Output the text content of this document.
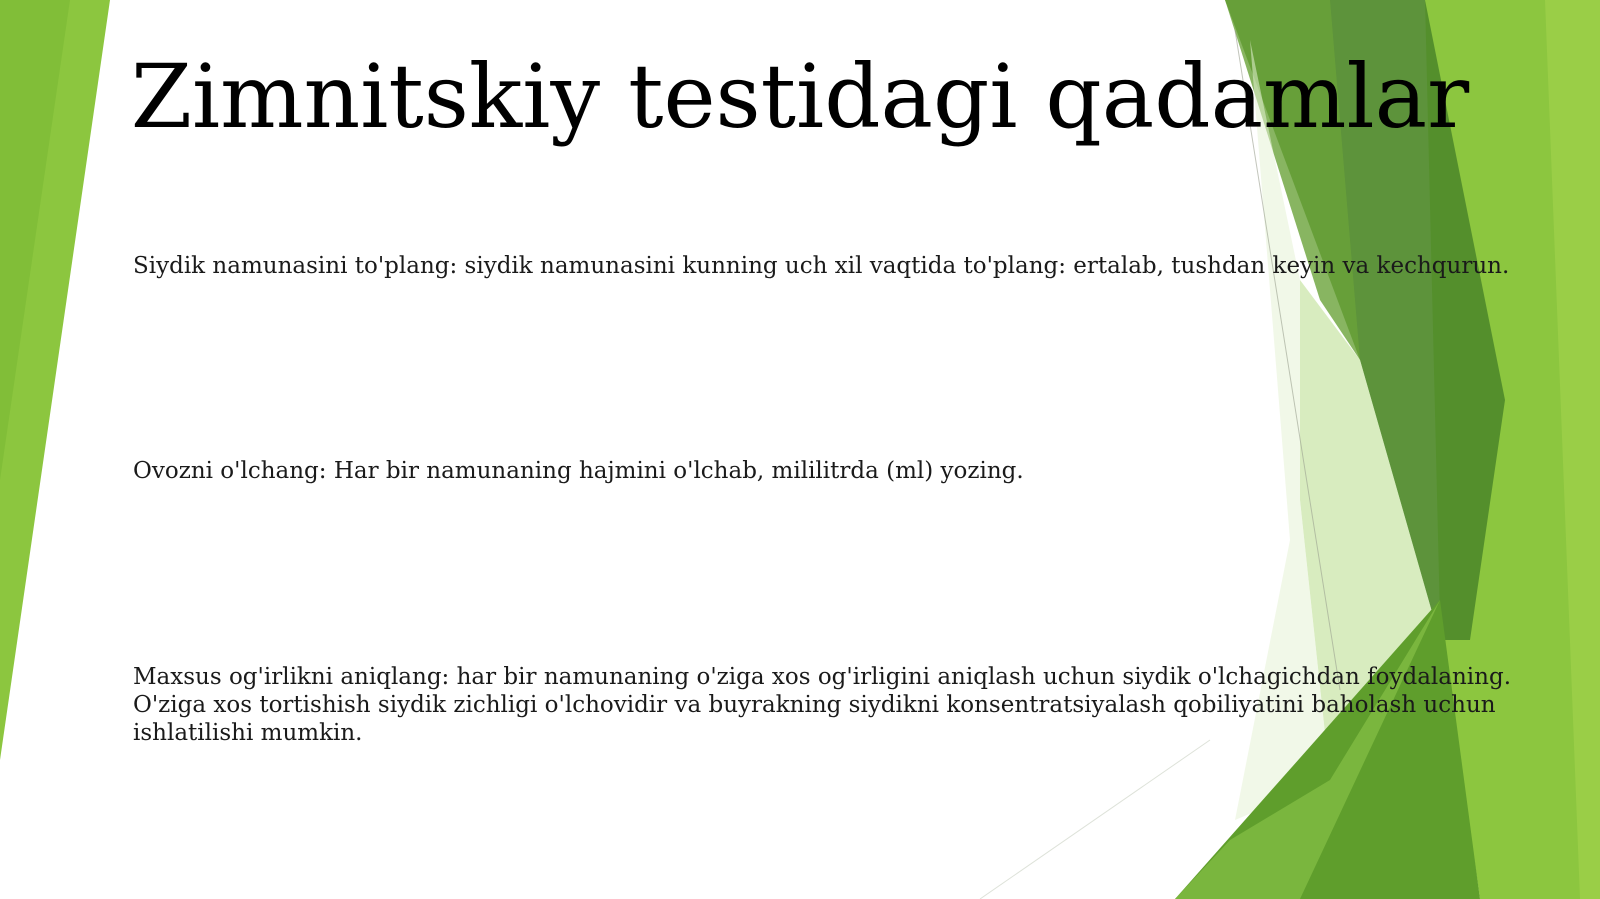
Zimnitskiy testidagi qadamlar

Siydik namunasini to'plang: siydik namunasini kunning uch xil vaqtida to'plang: ertalab, tushdan keyin va kechqurun.

Ovozni o'lchang: Har bir namunaning hajmini o'lchab, mililitrda (ml) yozing.

Maxsus og'irlikni aniqlang: har bir namunaning o'ziga xos og'irligini aniqlash uchun siydik o'lchagichdan foydalaning. O'ziga xos tortishish siydik zichligi o'lchovidir va buyrakning siydikni konsentratsiyalash qobiliyatini baholash uchun ishlatilishi mumkin.
